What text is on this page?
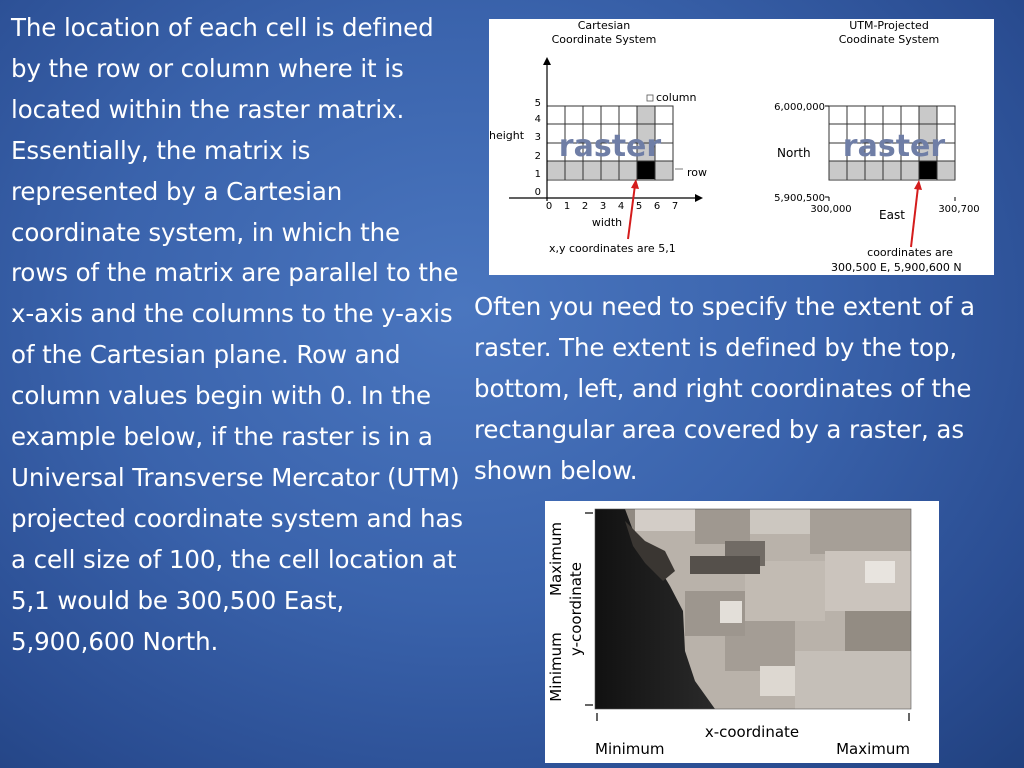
The location of each cell is defined by the row or column where it is located within the raster matrix. Essentially, the matrix is represented by a Cartesian coordinate system, in which the rows of the matrix are parallel to the x-axis and the columns to the y-axis of the Cartesian plane. Row and column values begin with 0. In the example below, if the raster is in a Universal Transverse Mercator (UTM) projected coordinate system and has a cell size of 100, the cell location at 5,1 would be 300,500 East, 5,900,600 North.
Often you need to specify the extent of a raster. The extent is defined by the top, bottom, left, and right coordinates of the rectangular area covered by a raster, as shown below.
Cartesian
Coordinate System
UTM-Projected
Coodinate System
raster
0
1
2
3
4
5
0 1 2 3 4 5 6 7
height
width
column
row
x,y coordinates are 5,1
raster
6,000,000
5,900,500
North
300,000	300,700
East
coordinates are
300,500 E, 5,900,600 N
Maximum
Minimum
y-coordinate
x-coordinate
Minimum	Maximum
